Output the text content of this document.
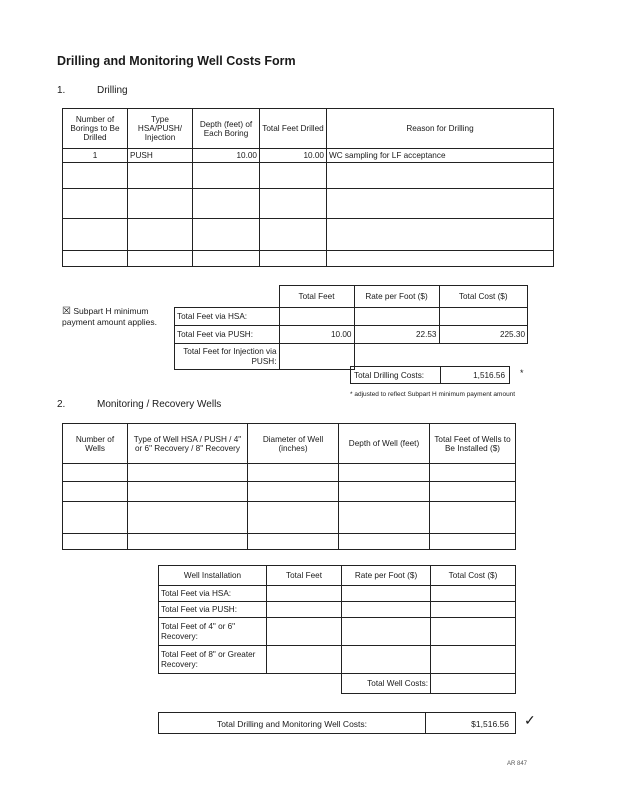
Drilling and Monitoring Well Costs Form
1.	Drilling
Number of Borings to Be Drilled	Type HSA/PUSH/ Injection	Depth (feet) of Each Boring	Total Feet Drilled	Reason for Drilling
1	PUSH	10.00	10.00	WC sampling for LF acceptance

☒ Subpart H minimum payment amount applies.
	Total Feet	Rate per Foot ($)	Total Cost ($)
Total Feet via HSA:			
Total Feet via PUSH:	10.00	22.53	225.30
Total Feet for Injection via PUSH:			
Total Drilling Costs:	1,516.56	*
* adjusted to reflect Subpart H minimum payment amount
2.	Monitoring / Recovery Wells
Number of Wells	Type of Well HSA / PUSH / 4" or 6" Recovery / 8" Recovery	Diameter of Well (inches)	Depth of Well (feet)	Total Feet of Wells to Be Installed ($)

Well Installation	Total Feet	Rate per Foot ($)	Total Cost ($)
Total Feet via HSA:			
Total Feet via PUSH:			
Total Feet of 4" or 6" Recovery:			
Total Feet of 8" or Greater Recovery:			
		Total Well Costs:	
Total Drilling and Monitoring Well Costs:	$1,516.56	✓
AR 847
